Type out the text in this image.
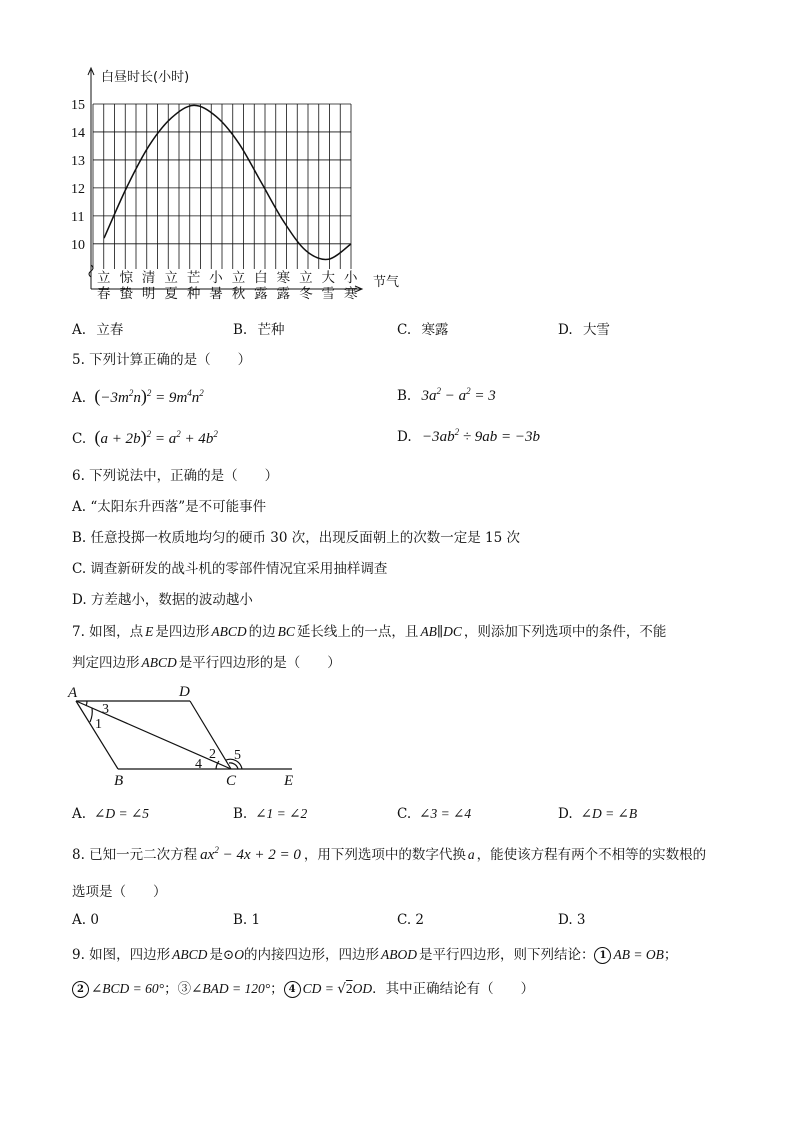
10
11
12
13
14
15
立
春
惊
蛰
清
明
立
夏
芒
种
小
暑
立
秋
白
露
寒
露
立
冬
大
雪
小
寒
白昼时长(小时)
节气
A. 立春	B. 芒种	C. 寒露	D. 大雪
5. 下列计算正确的是（　　）
A. $(-3m^2n)^2 = 9m^4n^2$	B. $3a^2 - a^2 = 3$
C. $(a + 2b)^2 = a^2 + 4b^2$	D. $-3ab^2 \div 9ab = -3b$
6. 下列说法中，正确的是（　　）
A. “太阳东升西落”是不可能事件
B. 任意投掷一枚质地均匀的硬币 30 次，出现反面朝上的次数一定是 15 次
C. 调查新研发的战斗机的零部件情况宜采用抽样调查
D. 方差越小，数据的波动越小
7. 如图，点 E 是四边形 ABCD 的边 BC 延长线上的一点，且 AB∥DC ，则添加下列选项中的条件，不能
判定四边形 ABCD 是平行四边形的是（　　）
A	D
B	C	E
1
3
2
4
5
A. ∠D = ∠5	B. ∠1 = ∠2	C. ∠3 = ∠4	D. ∠D = ∠B
8. 已知一元二次方程 $ax^2 - 4x + 2 = 0$ ，用下列选项中的数字代换 a ，能使该方程有两个不相等的实数根的
选项是（　　）
A. 0	B. 1	C. 2	D. 3
9. 如图，四边形 ABCD 是⊙O的内接四边形，四边形 ABOD 是平行四边形，则下列结论： 1 AB = OB；
2 ∠BCD = 60°；③∠BAD = 120°； 4 CD = √2OD．其中正确结论有（　　）
